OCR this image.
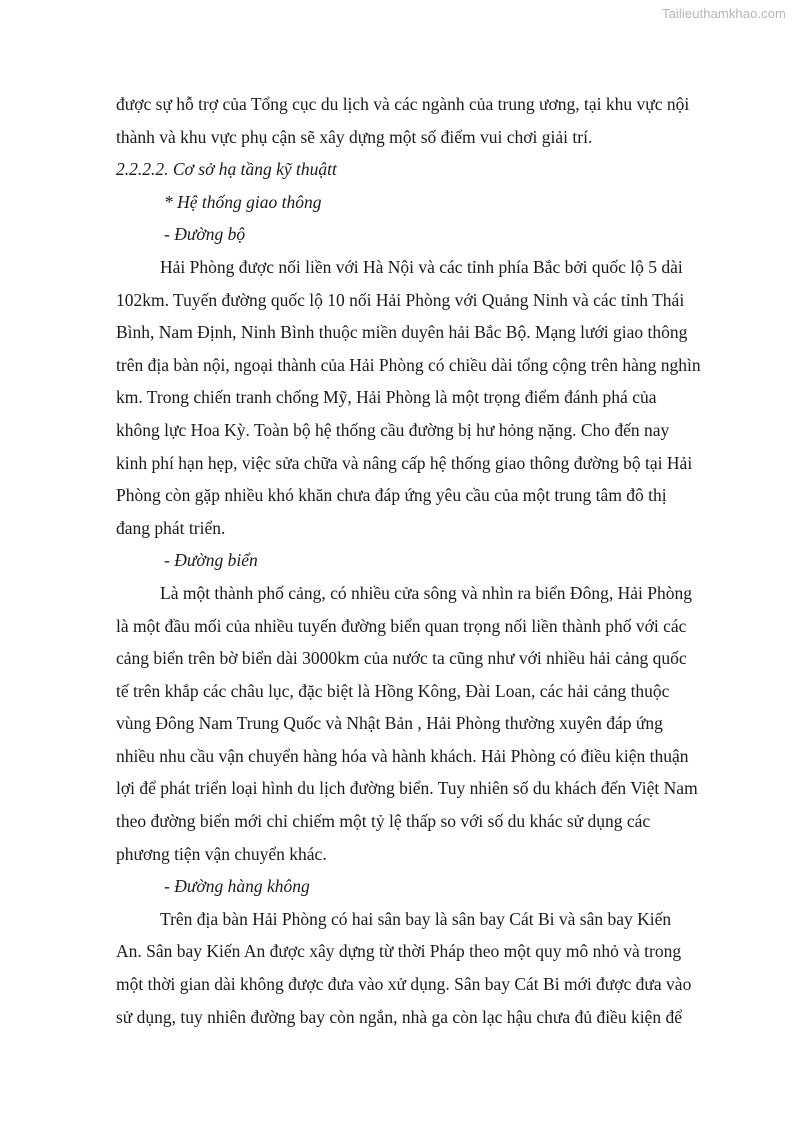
Tailieuthamkhao.com

được sự hỗ trợ của Tổng cục du lịch và các ngành của trung ương, tại khu vực nội

thành và khu vực phụ cận sẽ xây dựng một số điểm vui chơi giải trí.

2.2.2.2. Cơ sở hạ tầng kỹ thuậtt

* Hệ thống giao thông

- Đường bộ

Hải Phòng được nối liền với Hà Nội và các tỉnh phía Bắc bởi quốc lộ 5 dài

102km. Tuyến đường quốc lộ 10 nối Hải Phòng với Quảng Ninh và các tỉnh Thái

Bình, Nam Định, Ninh Bình thuộc miền duyên hải Bắc Bộ. Mạng lưới giao thông

trên địa bàn nội, ngoại thành của Hải Phòng có chiều dài tổng cộng trên hàng nghìn

km. Trong chiến tranh chống Mỹ, Hải Phòng là một trọng điểm đánh phá của

không lực Hoa Kỳ. Toàn bộ hệ thống cầu đường bị hư hỏng nặng. Cho đến nay

kinh phí hạn hẹp, việc sửa chữa và nâng cấp hệ thống giao thông đường bộ tại Hải

Phòng còn gặp nhiều khó khăn chưa đáp ứng yêu cầu của một trung tâm đô thị

đang phát triển.

- Đường biển

Là một thành phố cảng, có nhiều cửa sông và nhìn ra biển Đông, Hải Phòng

là một đầu mối của nhiều tuyến đường biển quan trọng nối liền thành phố với các

cảng biển trên bờ biển dài 3000km của nước ta cũng như với nhiều hải cảng quốc

tế trên khắp các châu lục, đặc biệt là Hồng Kông, Đài Loan, các hải cảng thuộc

vùng Đông Nam Trung Quốc và Nhật Bản , Hải Phòng thường xuyên đáp ứng

nhiều nhu cầu vận chuyển hàng hóa và hành khách. Hải Phòng có điều kiện thuận

lợi để phát triển loại hình du lịch đường biển. Tuy nhiên số du khách đến Việt Nam

theo đường biển mới chỉ chiếm một tỷ lệ thấp so với số du khác sử dụng các

phương tiện vận chuyển khác.

- Đường hàng không

Trên địa bàn Hải Phòng có hai sân bay là sân bay Cát Bi và sân bay Kiến

An. Sân bay Kiến An được xây dựng từ thời Pháp theo một quy mô nhỏ và trong

một thời gian dài không được đưa vào xử dụng. Sân bay Cát Bi mới được đưa vào

sử dụng, tuy nhiên đường bay còn ngắn, nhà ga còn lạc hậu chưa đủ điều kiện để
